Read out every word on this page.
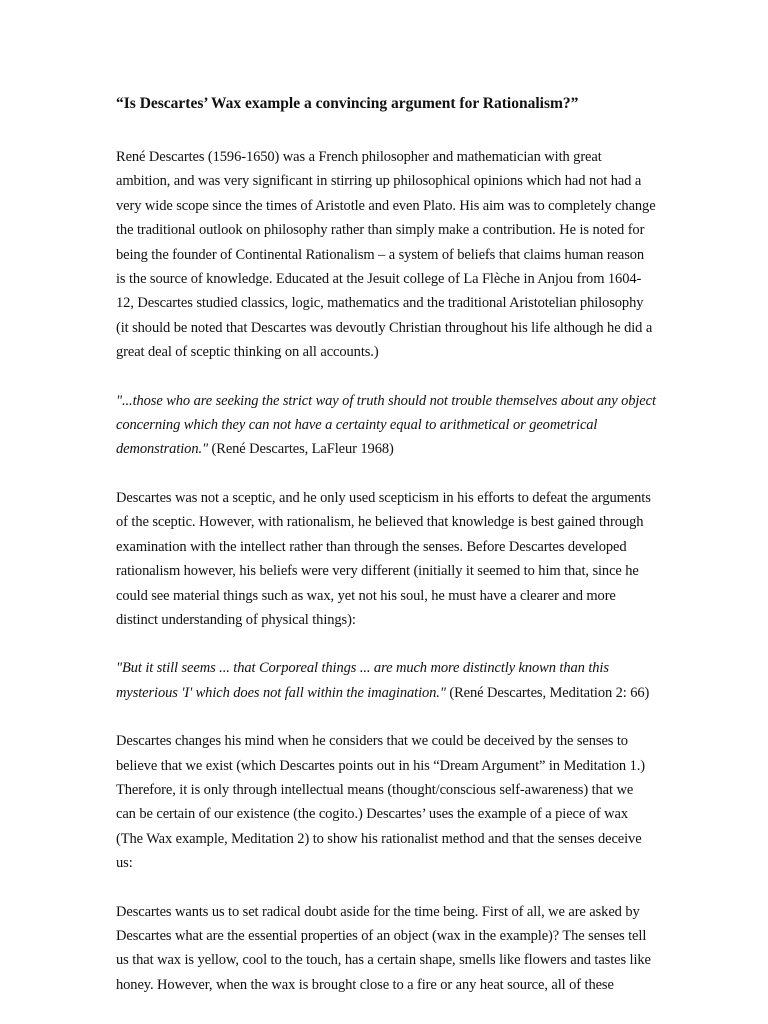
“Is Descartes’ Wax example a convincing argument for Rationalism?”

René Descartes (1596-1650) was a French philosopher and mathematician with great ambition, and was very significant in stirring up philosophical opinions which had not had a very wide scope since the times of Aristotle and even Plato. His aim was to completely change the traditional outlook on philosophy rather than simply make a contribution. He is noted for being the founder of Continental Rationalism – a system of beliefs that claims human reason is the source of knowledge. Educated at the Jesuit college of La Flèche in Anjou from 1604-12, Descartes studied classics, logic, mathematics and the traditional Aristotelian philosophy (it should be noted that Descartes was devoutly Christian throughout his life although he did a great deal of sceptic thinking on all accounts.)

"...those who are seeking the strict way of truth should not trouble themselves about any object concerning which they can not have a certainty equal to arithmetical or geometrical demonstration." (René Descartes, LaFleur 1968)

Descartes was not a sceptic, and he only used scepticism in his efforts to defeat the arguments of the sceptic. However, with rationalism, he believed that knowledge is best gained through examination with the intellect rather than through the senses. Before Descartes developed rationalism however, his beliefs were very different (initially it seemed to him that, since he could see material things such as wax, yet not his soul, he must have a clearer and more distinct understanding of physical things):

"But it still seems ... that Corporeal things ... are much more distinctly known than this mysterious 'I' which does not fall within the imagination." (René Descartes, Meditation 2: 66)

Descartes changes his mind when he considers that we could be deceived by the senses to believe that we exist (which Descartes points out in his “Dream Argument” in Meditation 1.) Therefore, it is only through intellectual means (thought/conscious self-awareness) that we can be certain of our existence (the cogito.) Descartes’ uses the example of a piece of wax (The Wax example, Meditation 2) to show his rationalist method and that the senses deceive us:

Descartes wants us to set radical doubt aside for the time being. First of all, we are asked by Descartes what are the essential properties of an object (wax in the example)? The senses tell us that wax is yellow, cool to the touch, has a certain shape, smells like flowers and tastes like honey. However, when the wax is brought close to a fire or any heat source, all of these
